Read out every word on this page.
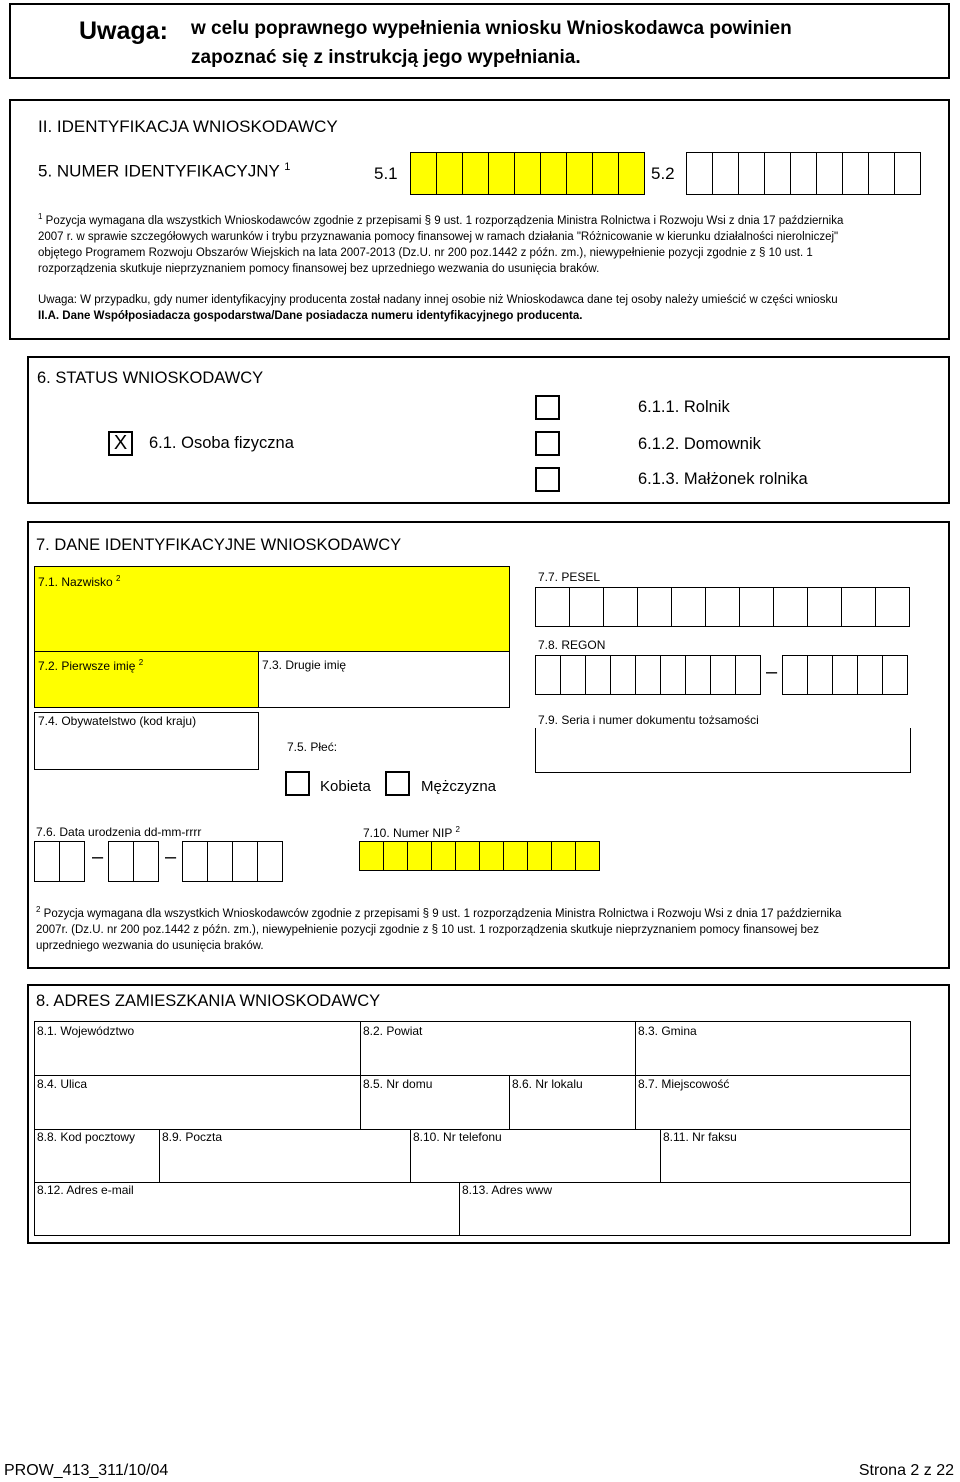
Uwaga: w celu poprawnego wypełnienia wniosku Wnioskodawca powinien
zapoznać się z instrukcją jego wypełniania.
II. IDENTYFIKACJA WNIOSKODAWCY
5. NUMER IDENTYFIKACYJNY $^1$	5.1	5.2
$^1$ Pozycja wymagana dla wszystkich Wnioskodawców zgodnie z przepisami § 9 ust. 1 rozporządzenia Ministra Rolnictwa i Rozwoju Wsi z dnia 17 października
2007 r. w sprawie szczegółowych warunków i trybu przyznawania pomocy finansowej w ramach działania "Różnicowanie w kierunku działalności nierolniczej"
objętego Programem Rozwoju Obszarów Wiejskich na lata 2007-2013 (Dz.U. nr 200 poz.1442 z późn. zm.), niewypełnienie pozycji zgodnie z § 10 ust. 1
rozporządzenia skutkuje nieprzyznaniem pomocy finansowej bez uprzedniego wezwania do usunięcia braków.
Uwaga: W przypadku, gdy numer identyfikacyjny producenta został nadany innej osobie niż Wnioskodawca dane tej osoby należy umieścić w części wniosku
II.A. Dane Współposiadacza gospodarstwa/Dane posiadacza numeru identyfikacyjnego producenta.
6. STATUS WNIOSKODAWCY
X	6.1. Osoba fizyczna
6.1.1. Rolnik
6.1.2. Domownik
6.1.3. Małżonek rolnika
7. DANE IDENTYFIKACYJNE WNIOSKODAWCY
7.1. Nazwisko $^2$
7.2. Pierwsze imię $^2$	7.3. Drugie imię
7.4. Obywatelstwo (kod kraju)
7.5. Płeć:
Kobieta	Mężczyzna
7.7. PESEL
7.8. REGON
–
7.9. Seria i numer dokumentu tożsamości
7.6. Data urodzenia dd-mm-rrrr
–	–
7.10. Numer NIP $^2$
$^2$ Pozycja wymagana dla wszystkich Wnioskodawców zgodnie z przepisami § 9 ust. 1 rozporządzenia Ministra Rolnictwa i Rozwoju Wsi z dnia 17 października
2007r. (Dz.U. nr 200 poz.1442 z późn. zm.), niewypełnienie pozycji zgodnie z § 10 ust. 1 rozporządzenia skutkuje nieprzyznaniem pomocy finansowej bez
uprzedniego wezwania do usunięcia braków.
8. ADRES ZAMIESZKANIA WNIOSKODAWCY
8.1. Województwo	8.2. Powiat	8.3. Gmina
8.4. Ulica	8.5. Nr domu	8.6. Nr lokalu	8.7. Miejscowość
8.8. Kod pocztowy 8.9. Poczta	8.10. Nr telefonu	8.11. Nr faksu
8.12. Adres e-mail	8.13. Adres www
PROW_413_311/10/04	Strona 2 z 22
